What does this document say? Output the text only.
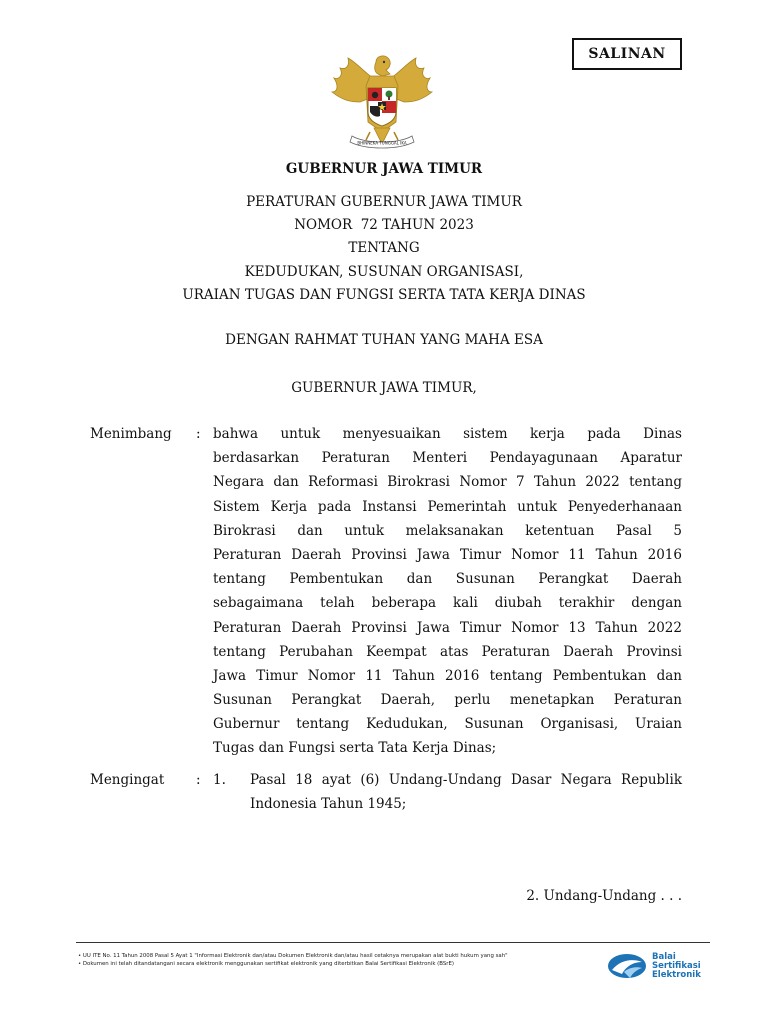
SALINAN
BHINNEKA TUNGGAL IKA
GUBERNUR JAWA TIMUR
PERATURAN GUBERNUR JAWA TIMUR
NOMOR  72 TAHUN 2023
TENTANG
KEDUDUKAN, SUSUNAN ORGANISASI,
URAIAN TUGAS DAN FUNGSI SERTA TATA KERJA DINAS
DENGAN RAHMAT TUHAN YANG MAHA ESA
GUBERNUR JAWA TIMUR,
Menimbang : bahwa untuk menyesuaikan sistem kerja pada Dinas
berdasarkan Peraturan Menteri Pendayagunaan Aparatur
Negara dan Reformasi Birokrasi Nomor 7 Tahun 2022 tentang
Sistem Kerja pada Instansi Pemerintah untuk Penyederhanaan
Birokrasi dan untuk melaksanakan ketentuan Pasal 5
Peraturan Daerah Provinsi Jawa Timur Nomor 11 Tahun 2016
tentang Pembentukan dan Susunan Perangkat Daerah
sebagaimana telah beberapa kali diubah terakhir dengan
Peraturan Daerah Provinsi Jawa Timur Nomor 13 Tahun 2022
tentang Perubahan Keempat atas Peraturan Daerah Provinsi
Jawa Timur Nomor 11 Tahun 2016 tentang Pembentukan dan
Susunan Perangkat Daerah, perlu menetapkan Peraturan
Gubernur tentang Kedudukan, Susunan Organisasi, Uraian
Tugas dan Fungsi serta Tata Kerja Dinas;
Mengingat : 1. Pasal 18 ayat (6) Undang-Undang Dasar Negara Republik
Indonesia Tahun 1945;
2. Undang-Undang . . .
• UU ITE No. 11 Tahun 2008 Pasal 5 Ayat 1 "Informasi Elektronik dan/atau Dokumen Elektronik dan/atau hasil cetaknya merupakan alat bukti hukum yang sah"
• Dokumen ini telah ditandatangani secara elektronik menggunakan sertifikat elektronik yang diterbitkan Balai Sertifikasi Elektronik (BSrE)
Balai
Sertifikasi
Elektronik
